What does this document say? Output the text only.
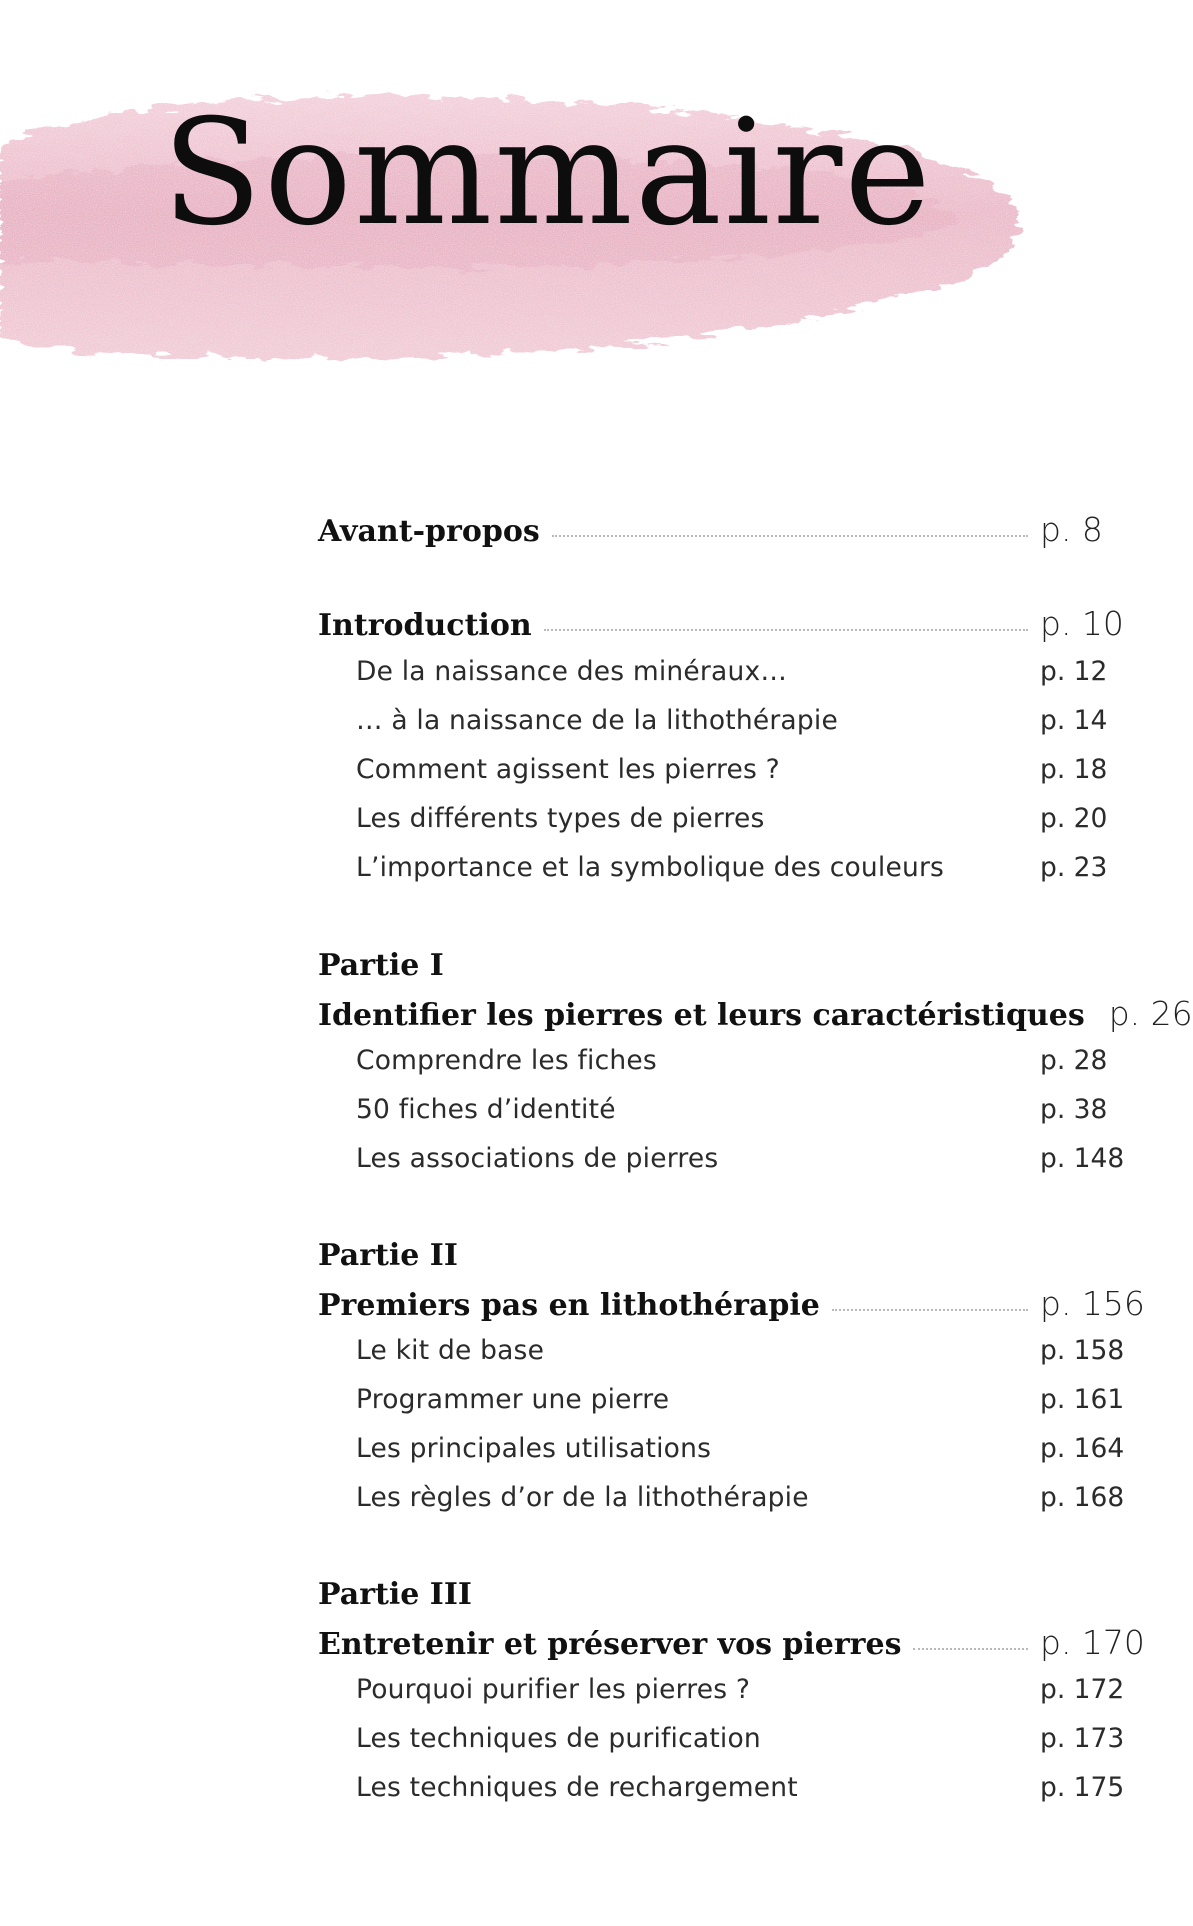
Sommaire
Avant-propos	p. 8
Introduction	p. 10
De la naissance des minéraux…	p. 12
… à la naissance de la lithothérapie	p. 14
Comment agissent les pierres ?	p. 18
Les différents types de pierres	p. 20
L’importance et la symbolique des couleurs	p. 23
Partie I
Identifier les pierres et leurs caractéristiques p. 26
Comprendre les fiches	p. 28
50 fiches d’identité	p. 38
Les associations de pierres	p. 148
Partie II
Premiers pas en lithothérapie	p. 156
Le kit de base	p. 158
Programmer une pierre	p. 161
Les principales utilisations	p. 164
Les règles d’or de la lithothérapie	p. 168
Partie III
Entretenir et préserver vos pierres	p. 170
Pourquoi purifier les pierres ?	p. 172
Les techniques de purification	p. 173
Les techniques de rechargement	p. 175
